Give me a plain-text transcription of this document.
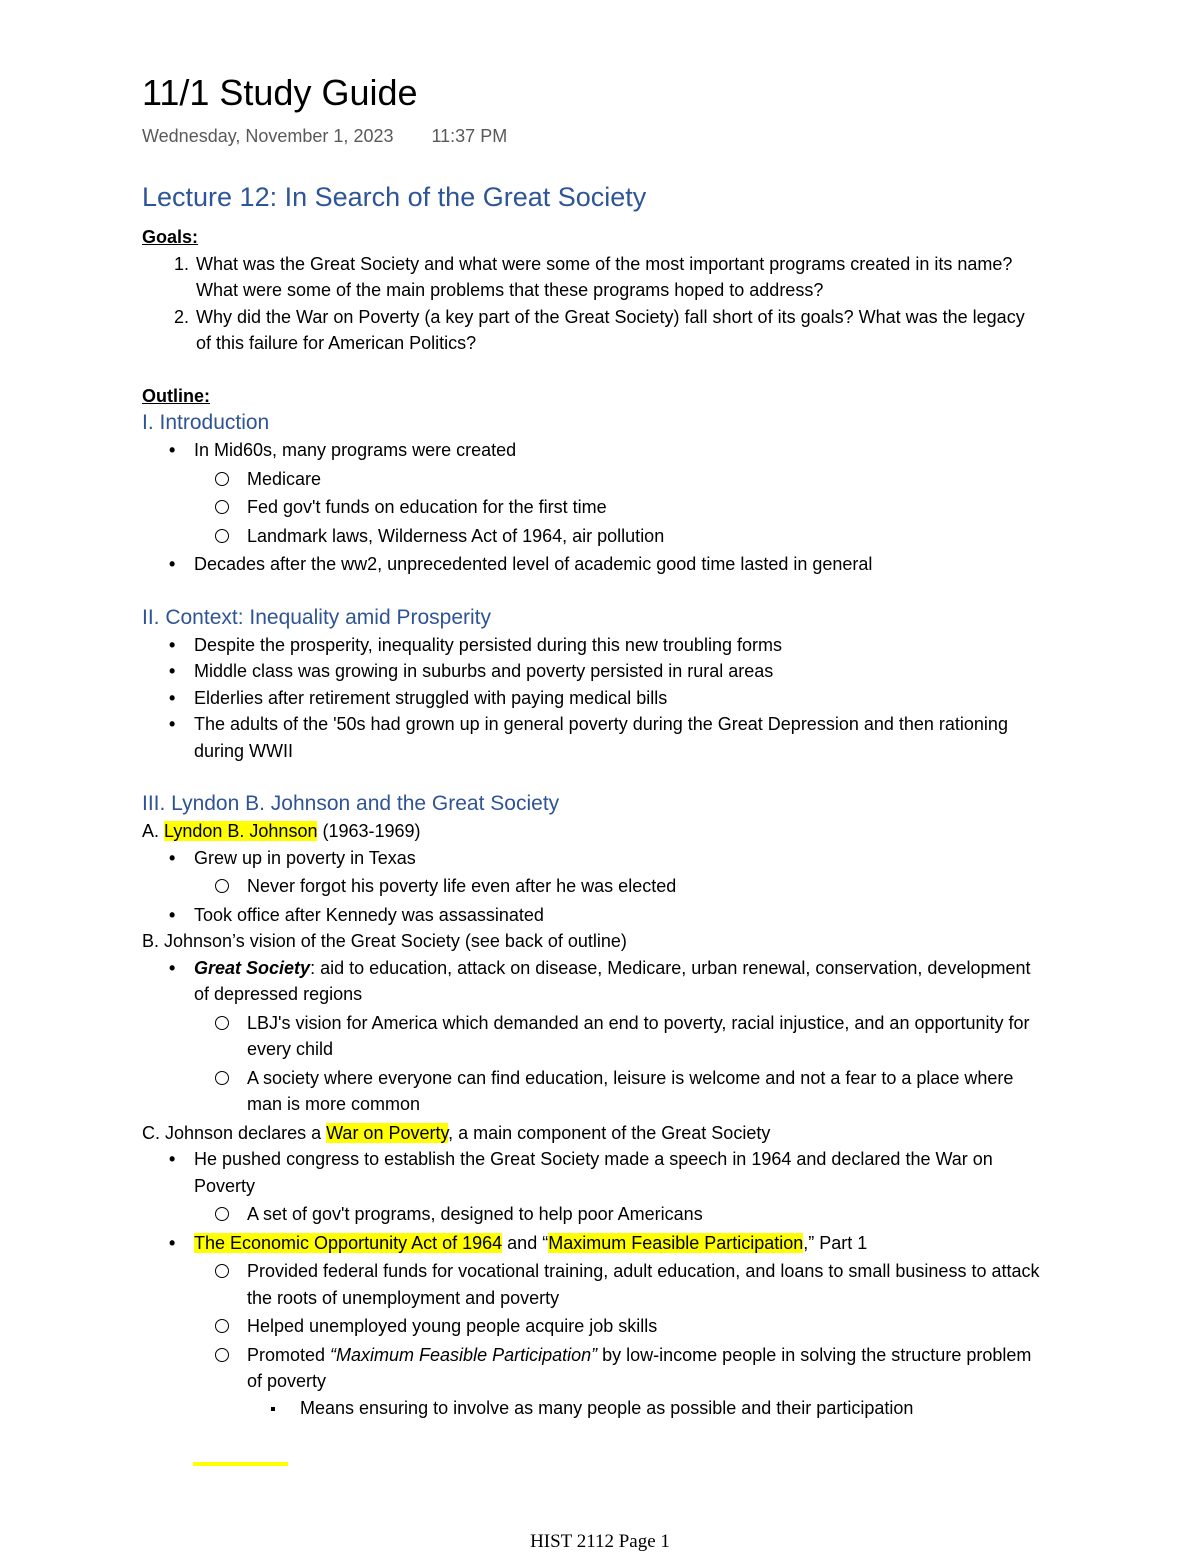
11/1 Study Guide
Wednesday, November 1, 2023 11:37 PM
Lecture 12: In Search of the Great Society
Goals:
1. What was the Great Society and what were some of the most important programs created in its name? What were some of the main problems that these programs hoped to address?
2. Why did the War on Poverty (a key part of the Great Society) fall short of its goals? What was the legacy of this failure for American Politics?
Outline:
I. Introduction
• In Mid60s, many programs were created
Medicare
Fed gov't funds on education for the first time
Landmark laws, Wilderness Act of 1964, air pollution
• Decades after the ww2, unprecedented level of academic good time lasted in general
II. Context: Inequality amid Prosperity
• Despite the prosperity, inequality persisted during this new troubling forms
• Middle class was growing in suburbs and poverty persisted in rural areas
• Elderlies after retirement struggled with paying medical bills
• The adults of the '50s had grown up in general poverty during the Great Depression and then rationing during WWII
III. Lyndon B. Johnson and the Great Society
A. Lyndon B. Johnson (1963-1969)
• Grew up in poverty in Texas
Never forgot his poverty life even after he was elected
• Took office after Kennedy was assassinated
B. Johnson’s vision of the Great Society (see back of outline)
• Great Society: aid to education, attack on disease, Medicare, urban renewal, conservation, development of depressed regions
LBJ's vision for America which demanded an end to poverty, racial injustice, and an opportunity for every child
A society where everyone can find education, leisure is welcome and not a fear to a place where man is more common
C. Johnson declares a War on Poverty, a main component of the Great Society
• He pushed congress to establish the Great Society made a speech in 1964 and declared the War on Poverty
A set of gov't programs, designed to help poor Americans
• The Economic Opportunity Act of 1964 and “Maximum Feasible Participation,” Part 1
Provided federal funds for vocational training, adult education, and loans to small business to attack the roots of unemployment and poverty
Helped unemployed young people acquire job skills
Promoted “Maximum Feasible Participation” by low-income people in solving the structure problem of poverty
Means ensuring to involve as many people as possible and their participation
HIST 2112 Page 1
